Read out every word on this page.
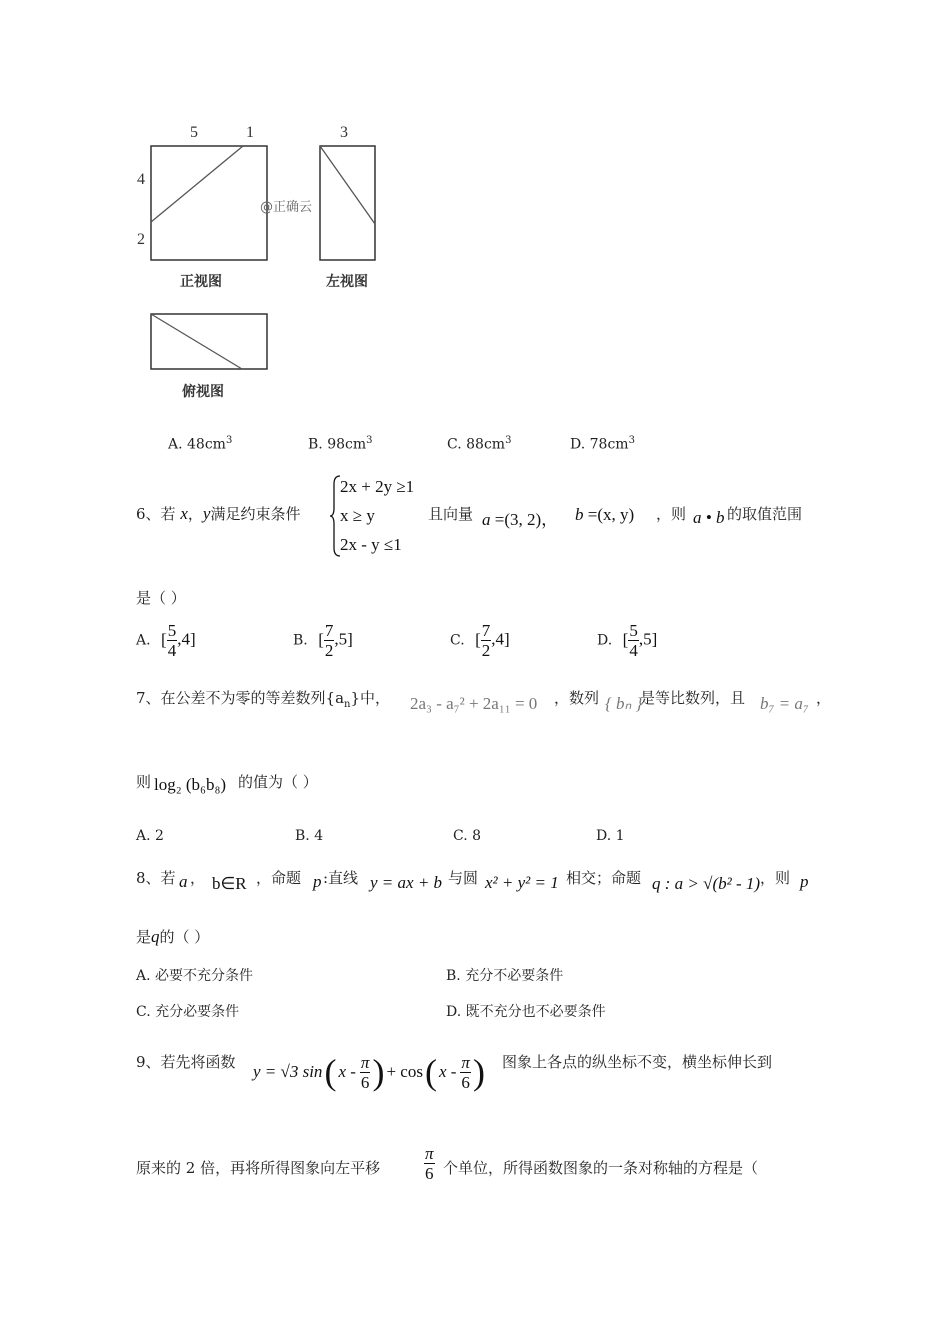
5	1
4
2
3
@正确云
正视图	左视图
俯视图
A. $48cm^3$	B. $98cm^3$	C. $88cm^3$	D. $78cm^3$
6、若 x，y满足约束条件
2x + 2y ≥1
x ≥ y
2x - y ≤1
且向量 a =(3, 2)， b =(x, y) ，则 a • b 的取值范围
是（ ）
A. [ $\frac{5}{4} ,4$]	B. [ $\frac{7}{2} ,5$]	C. [ $\frac{7}{2} ,4$]	D. [ $\frac{5}{4} ,5$]
7、在公差不为零的等差数列$\{a_n\}$中， 2a₃ - a₇² + 2a₁₁ = 0 ，数列 { bₙ }
是等比数列，且 b₇ = a₇ ，
则 log₂ (b₆b₈) 的值为（ ）
A. 2	B. 4	C. 8	D. 1
8、若 a ， b∈R ，命题 p :直线 y = ax + b 与圆 x² + y² = 1 相交；命题 q : a > √(b² - 1) ，则 p
是q的（ ）
A. 必要不充分条件	B. 充分不必要条件
C. 充分必要条件	D. 既不充分也不必要条件
9、若先将函数 y = √3 sin ( x - $\frac{\pi}{6}$ ) + cos ( x - $\frac{\pi}{6}$ ) 图象上各点的纵坐标不变，横坐标伸长到
原来的 2 倍，再将所得图象向左平移	$\frac{\pi}{6}$ 个单位，所得函数图象的一条对称轴的方程是（
